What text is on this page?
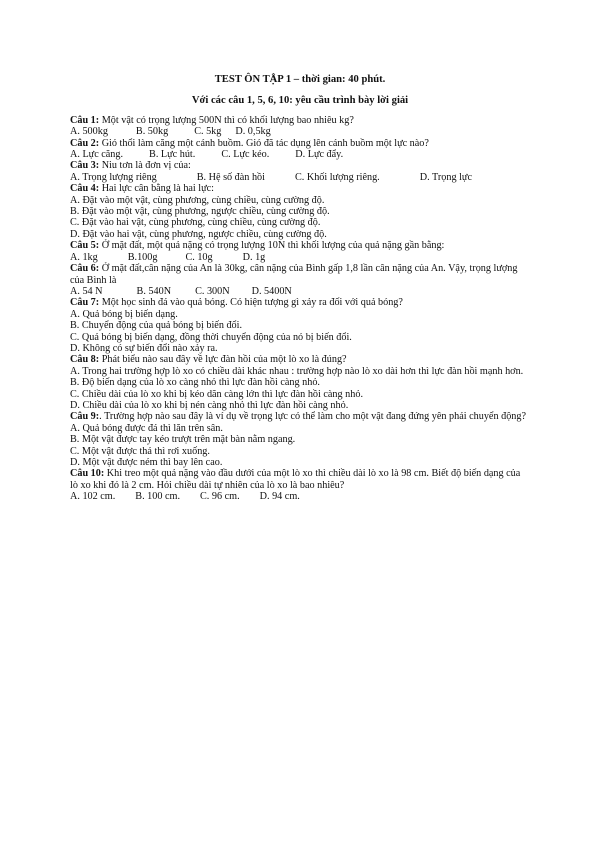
TEST ÔN TẬP 1 – thời gian: 40 phút.
Với các câu 1, 5, 6, 10: yêu cầu trình bày lời giải
Câu 1: Một vật có trọng lượng 500N thì có khối lượng bao nhiêu kg?
A. 500kg	B. 50kg	C. 5kg D. 0,5kg
Câu 2: Gió thổi làm căng một cánh buồm. Gió đã tác dụng lên cánh buồm một lực nào?
A. Lực căng.	B. Lực hút.	C. Lực kéo.	D. Lực đẩy.
Câu 3: Niu tơn là đơn vị của:
A. Trọng lượng riêng	B. Hệ số đàn hồi	C. Khối lượng riêng.	D. Trọng lực
Câu 4: Hai lực cân bằng là hai lực:
A. Đặt vào một vật, cùng phương, cùng chiều, cùng cường độ.
B. Đặt vào một vật, cùng phương, ngược chiều, cùng cường độ.
C. Đặt vào hai vật, cùng phương, cùng chiều, cùng cường độ.
D. Đặt vào hai vật, cùng phương, ngược chiều, cùng cường độ.
Câu 5: Ở mặt đất, một quả nặng có trọng lượng 10N thì khối lượng của quả nặng gần bằng:
A. 1kg	B.100g	C. 10g	D. 1g
Câu 6: Ở mặt đất,cân nặng của An là 30kg, cân nặng của Bình gấp 1,8 lần cân nặng của An. Vậy, trọng lượng của Bình là
A. 54 N	B. 540N C. 300N D. 5400N
Câu 7: Một học sinh đá vào quả bóng. Có hiện tượng gì xảy ra đối với quả bóng?
A. Quả bóng bị biến dạng.
B. Chuyển động của quả bóng bị biến đổi.
C. Quả bóng bị biến dạng, đồng thời chuyển động của nó bị biến đổi.
D. Không có sự biến đổi nào xảy ra.
Câu 8: Phát biểu nào sau đây về lực đàn hồi của một lò xo là đúng?
A. Trong hai trường hợp lò xo có chiều dài khác nhau : trường hợp nào lò xo dài hơn thì lực đàn hồi mạnh hơn.
B. Độ biến dạng của lò xo càng nhỏ thì lực đàn hồi càng nhỏ.
C. Chiều dài của lò xo khi bị kéo dãn càng lớn thì lực đàn hồi càng nhỏ.
D. Chiều dài của lò xo khi bị nén càng nhỏ thì lực đàn hồi càng nhỏ.
Câu 9:. Trường hợp nào sau đây là ví dụ về trọng lực có thể làm cho một vật đang đứng yên phải chuyển động?
A. Quả bóng được đá thì lăn trên sân.
B. Một vật được tay kéo trượt trên mặt bàn nằm ngang.
C. Một vật được thả thì rơi xuống.
D. Một vật được ném thì bay lên cao.
Câu 10: Khi treo một quả nặng vào đầu dưới của một lò xo thì chiều dài lò xo là 98 cm. Biết độ biến dạng của lò xo khi đó là 2 cm. Hỏi chiều dài tự nhiên của lò xo là bao nhiêu?
A. 102 cm. B. 100 cm. C. 96 cm. D. 94 cm.
